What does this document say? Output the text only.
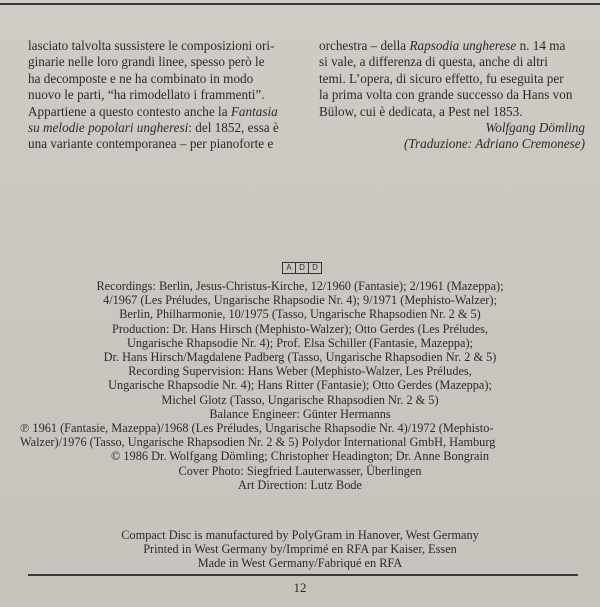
lasciato talvolta sussistere le composizioni ori-

ginarie nelle loro grandi linee, spesso però le

ha decomposte e ne ha combinato in modo

nuovo le parti, “ha rimodellato i frammenti”.

Appartiene a questo contesto anche la Fantasia

su melodie popolari ungheresi: del 1852, essa è

una variante contemporanea – per pianoforte e

orchestra – della Rapsodia ungherese n. 14 ma

si vale, a differenza di questa, anche di altri

temi. L’opera, di sicuro effetto, fu eseguita per

la prima volta con grande successo da Hans von

Bülow, cui è dedicata, a Pest nel 1853.

Wolfgang Dömling

(Traduzione: Adriano Cremonese)

A D D
Recordings: Berlin, Jesus-Christus-Kirche, 12/1960 (Fantasie); 2/1961 (Mazeppa);
4/1967 (Les Préludes, Ungarische Rhapsodie Nr. 4); 9/1971 (Mephisto-Walzer);
Berlin, Philharmonie, 10/1975 (Tasso, Ungarische Rhapsodien Nr. 2 & 5)
Production: Dr. Hans Hirsch (Mephisto-Walzer); Otto Gerdes (Les Préludes,
Ungarische Rhapsodie Nr. 4); Prof. Elsa Schiller (Fantasie, Mazeppa);
Dr. Hans Hirsch/Magdalene Padberg (Tasso, Ungarische Rhapsodien Nr. 2 & 5)
Recording Supervision: Hans Weber (Mephisto-Walzer, Les Préludes,
Ungarische Rhapsodie Nr. 4); Hans Ritter (Fantasie); Otto Gerdes (Mazeppa);
Michel Glotz (Tasso, Ungarische Rhapsodien Nr. 2 & 5)
Balance Engineer: Günter Hermanns
℗ 1961 (Fantasie, Mazeppa)/1968 (Les Préludes, Ungarische Rhapsodie Nr. 4)/1972 (Mephisto-
Walzer)/1976 (Tasso, Ungarische Rhapsodien Nr. 2 & 5) Polydor International GmbH, Hamburg
© 1986 Dr. Wolfgang Dömling; Christopher Headington; Dr. Anne Bongrain
Cover Photo: Siegfried Lauterwasser, Überlingen
Art Direction: Lutz Bode
Compact Disc is manufactured by PolyGram in Hanover, West Germany
Printed in West Germany by/Imprimé en RFA par Kaiser, Essen
Made in West Germany/Fabriqué en RFA
12
